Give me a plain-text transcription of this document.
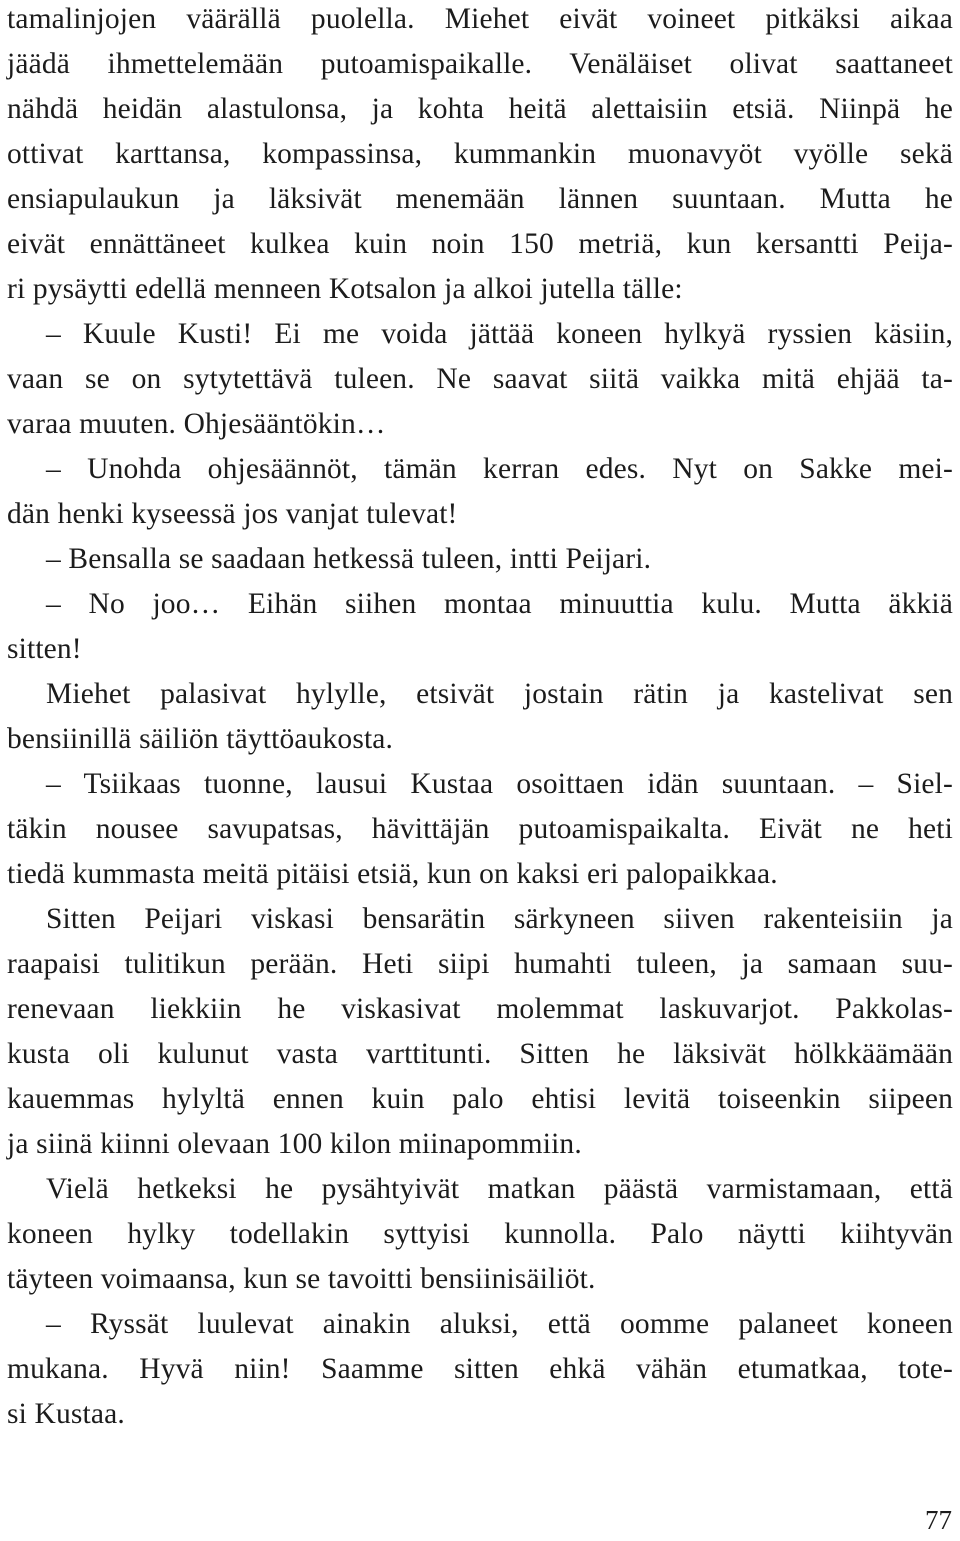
tamalinjojen väärällä puolella. Miehet eivät voineet pitkäksi aikaa
jäädä ihmettelemään putoamispaikalle. Venäläiset olivat saattaneet
nähdä heidän alastulonsa, ja kohta heitä alettaisiin etsiä. Niinpä he
ottivat karttansa, kompassinsa, kummankin muonavyöt vyölle sekä
ensiapulaukun ja läksivät menemään lännen suuntaan. Mutta he
eivät ennättäneet kulkea kuin noin 150 metriä, kun kersantti Peija-
ri pysäytti edellä menneen Kotsalon ja alkoi jutella tälle:
– Kuule Kusti! Ei me voida jättää koneen hylkyä ryssien käsiin,
vaan se on sytytettävä tuleen. Ne saavat siitä vaikka mitä ehjää ta-
varaa muuten. Ohjesääntökin…
– Unohda ohjesäännöt, tämän kerran edes. Nyt on Sakke mei-
dän henki kyseessä jos vanjat tulevat!
– Bensalla se saadaan hetkessä tuleen, intti Peijari.
– No joo… Eihän siihen montaa minuuttia kulu. Mutta äkkiä
sitten!
Miehet palasivat hylylle, etsivät jostain rätin ja kastelivat sen
bensiinillä säiliön täyttöaukosta.
– Tsiikaas tuonne, lausui Kustaa osoittaen idän suuntaan. – Siel-
täkin nousee savupatsas, hävittäjän putoamispaikalta. Eivät ne heti
tiedä kummasta meitä pitäisi etsiä, kun on kaksi eri palopaikkaa.
Sitten Peijari viskasi bensarätin särkyneen siiven rakenteisiin ja
raapaisi tulitikun perään. Heti siipi humahti tuleen, ja samaan suu-
renevaan liekkiin he viskasivat molemmat laskuvarjot. Pakkolas-
kusta oli kulunut vasta varttitunti. Sitten he läksivät hölkkäämään
kauemmas hylyltä ennen kuin palo ehtisi levitä toiseenkin siipeen
ja siinä kiinni olevaan 100 kilon miinapommiin.
Vielä hetkeksi he pysähtyivät matkan päästä varmistamaan, että
koneen hylky todellakin syttyisi kunnolla. Palo näytti kiihtyvän
täyteen voimaansa, kun se tavoitti bensiinisäiliöt.
– Ryssät luulevat ainakin aluksi, että oomme palaneet koneen
mukana. Hyvä niin! Saamme sitten ehkä vähän etumatkaa, tote-
si Kustaa.
77
